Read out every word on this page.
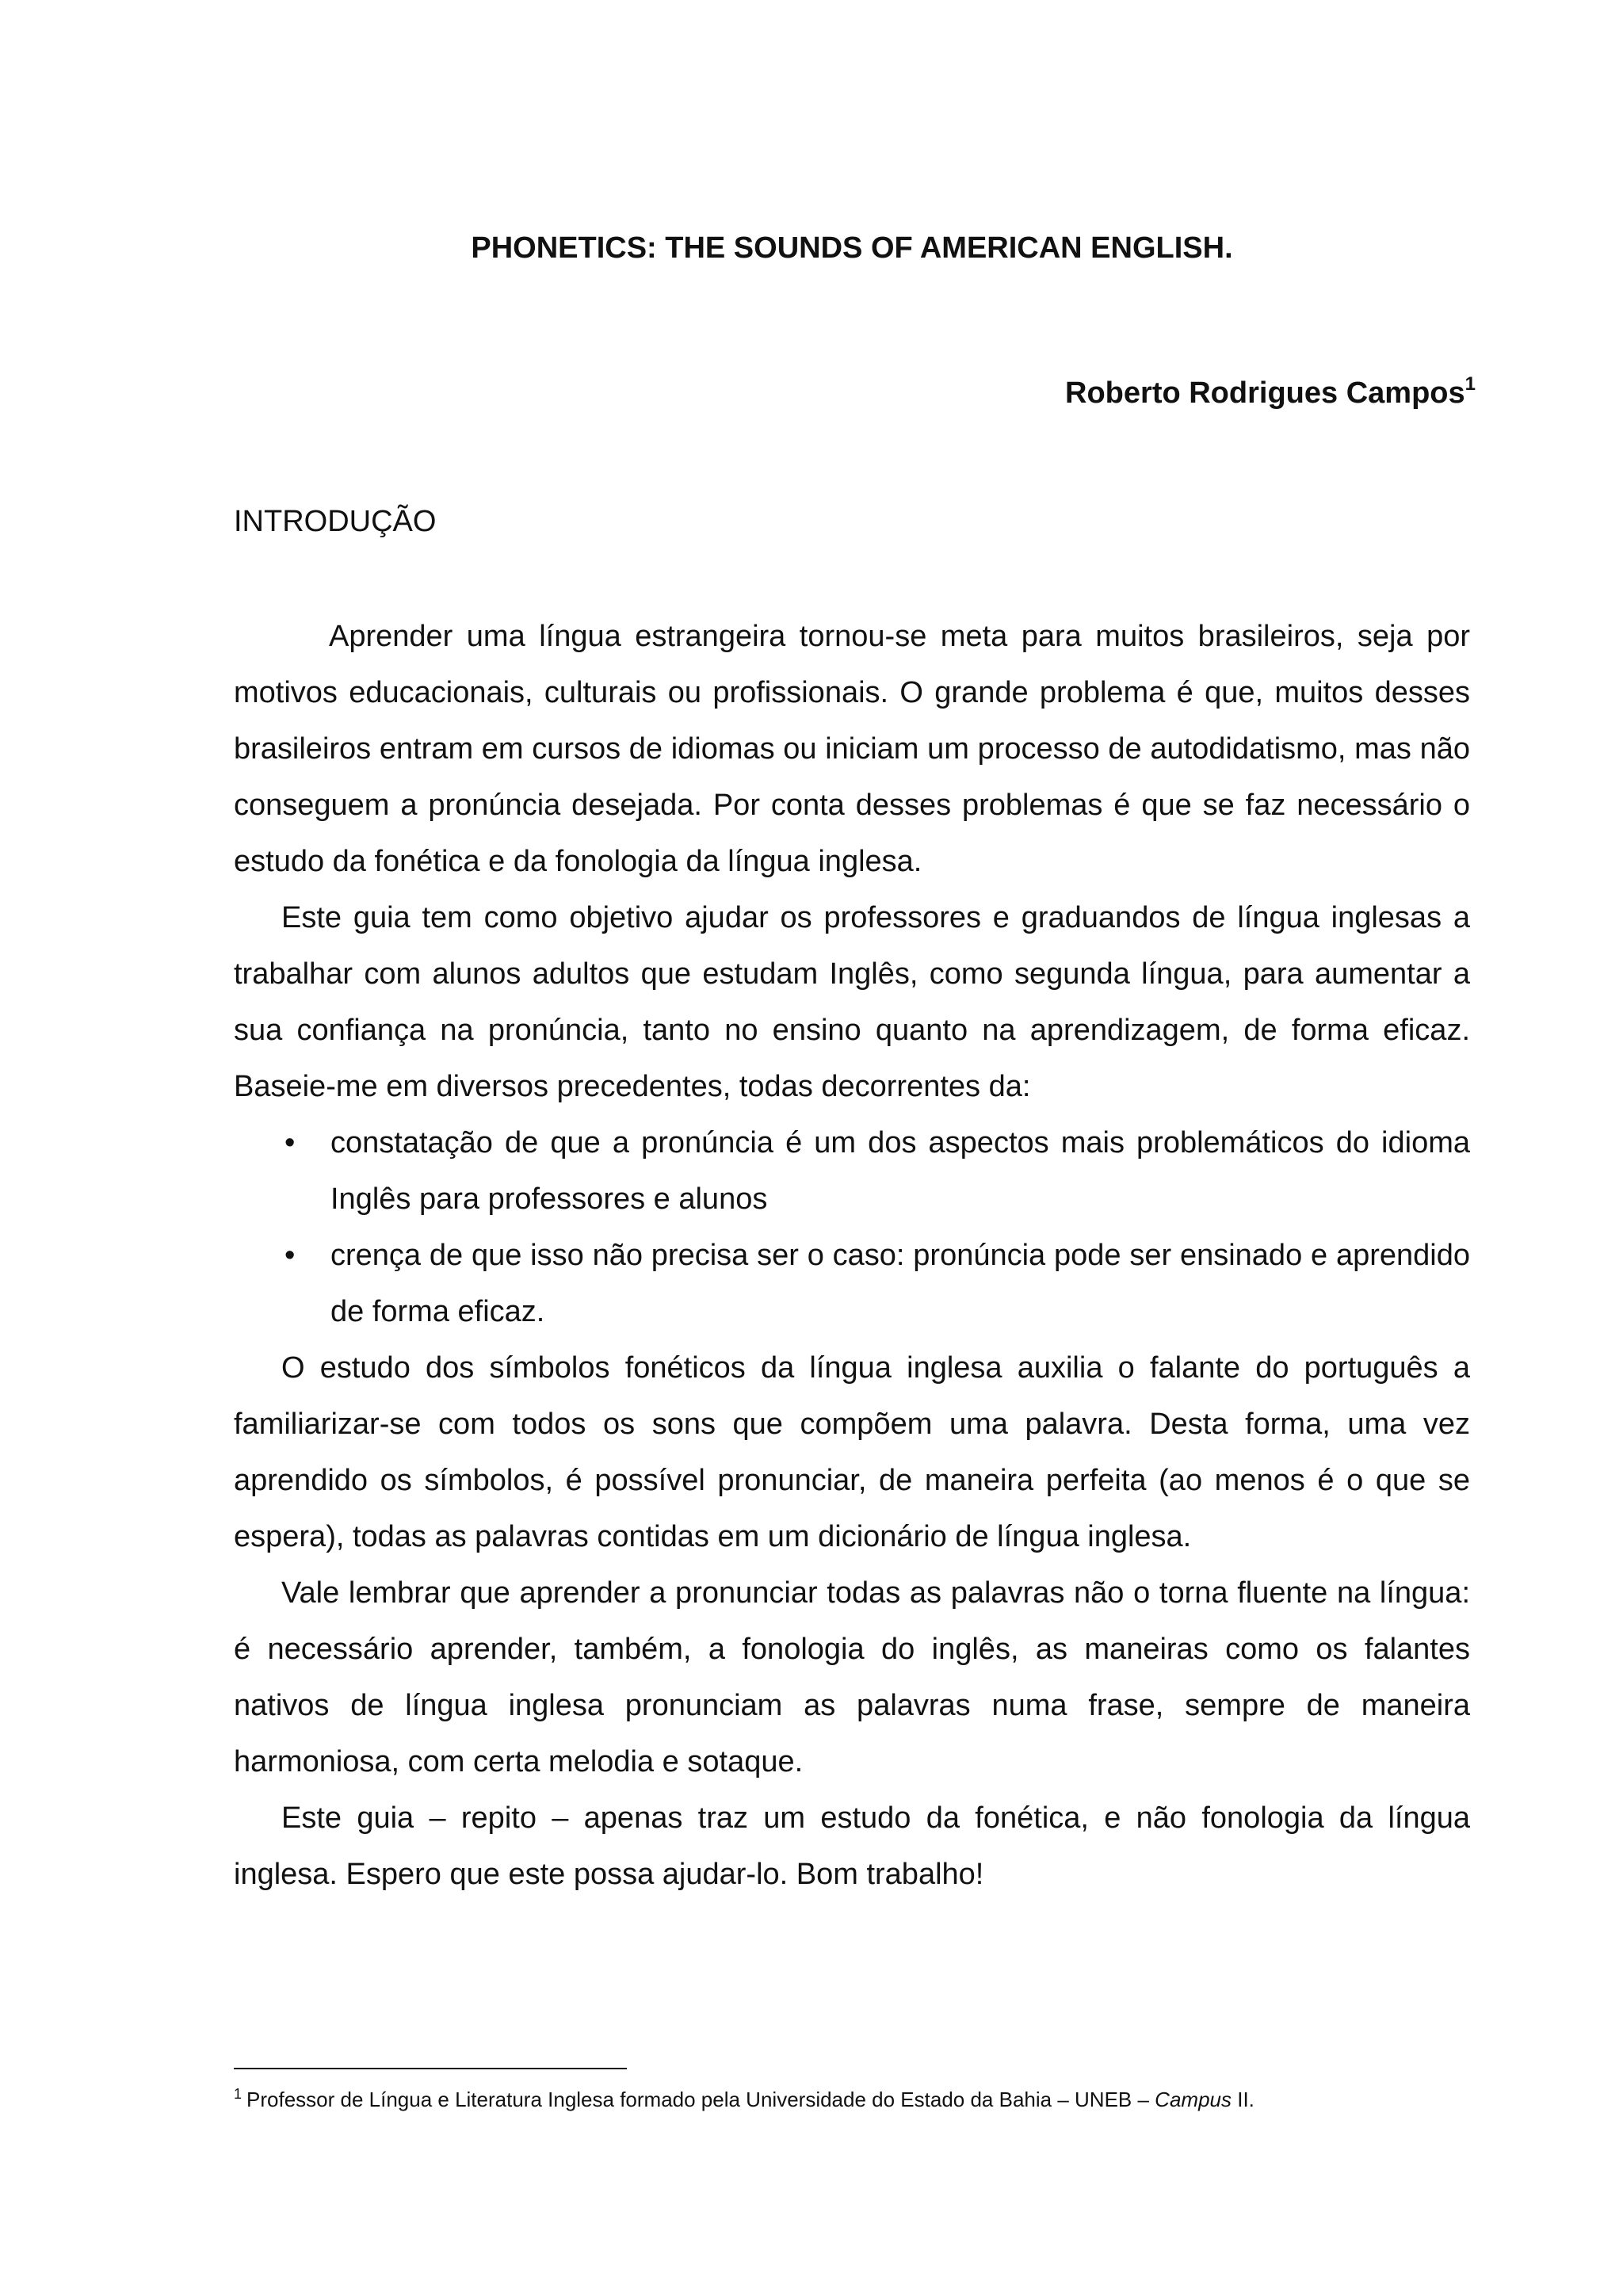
PHONETICS: THE SOUNDS OF AMERICAN ENGLISH.

Roberto Rodrigues Campos$^1$

INTRODUÇÃO

Aprender uma língua estrangeira tornou-se meta para muitos brasileiros, seja por motivos educacionais, culturais ou profissionais. O grande problema é que, muitos desses brasileiros entram em cursos de idiomas ou iniciam um processo de autodidatismo, mas não conseguem a pronúncia desejada. Por conta desses problemas é que se faz necessário o estudo da fonética e da fonologia da língua inglesa.

Este guia tem como objetivo ajudar os professores e graduandos de língua inglesas a trabalhar com alunos adultos que estudam Inglês, como segunda língua, para aumentar a sua confiança na pronúncia, tanto no ensino quanto na aprendizagem, de forma eficaz. Baseie-me em diversos precedentes, todas decorrentes da:

• constatação de que a pronúncia é um dos aspectos mais problemáticos do idioma Inglês para professores e alunos
• crença de que isso não precisa ser o caso: pronúncia pode ser ensinado e aprendido de forma eficaz.

O estudo dos símbolos fonéticos da língua inglesa auxilia o falante do português a familiarizar-se com todos os sons que compõem uma palavra. Desta forma, uma vez aprendido os símbolos, é possível pronunciar, de maneira perfeita (ao menos é o que se espera), todas as palavras contidas em um dicionário de língua inglesa.

Vale lembrar que aprender a pronunciar todas as palavras não o torna fluente na língua: é necessário aprender, também, a fonologia do inglês, as maneiras como os falantes nativos de língua inglesa pronunciam as palavras numa frase, sempre de maneira harmoniosa, com certa melodia e sotaque.

Este guia – repito – apenas traz um estudo da fonética, e não fonologia da língua inglesa. Espero que este possa ajudar-lo. Bom trabalho!

$^1$ Professor de Língua e Literatura Inglesa formado pela Universidade do Estado da Bahia – UNEB – Campus II.
